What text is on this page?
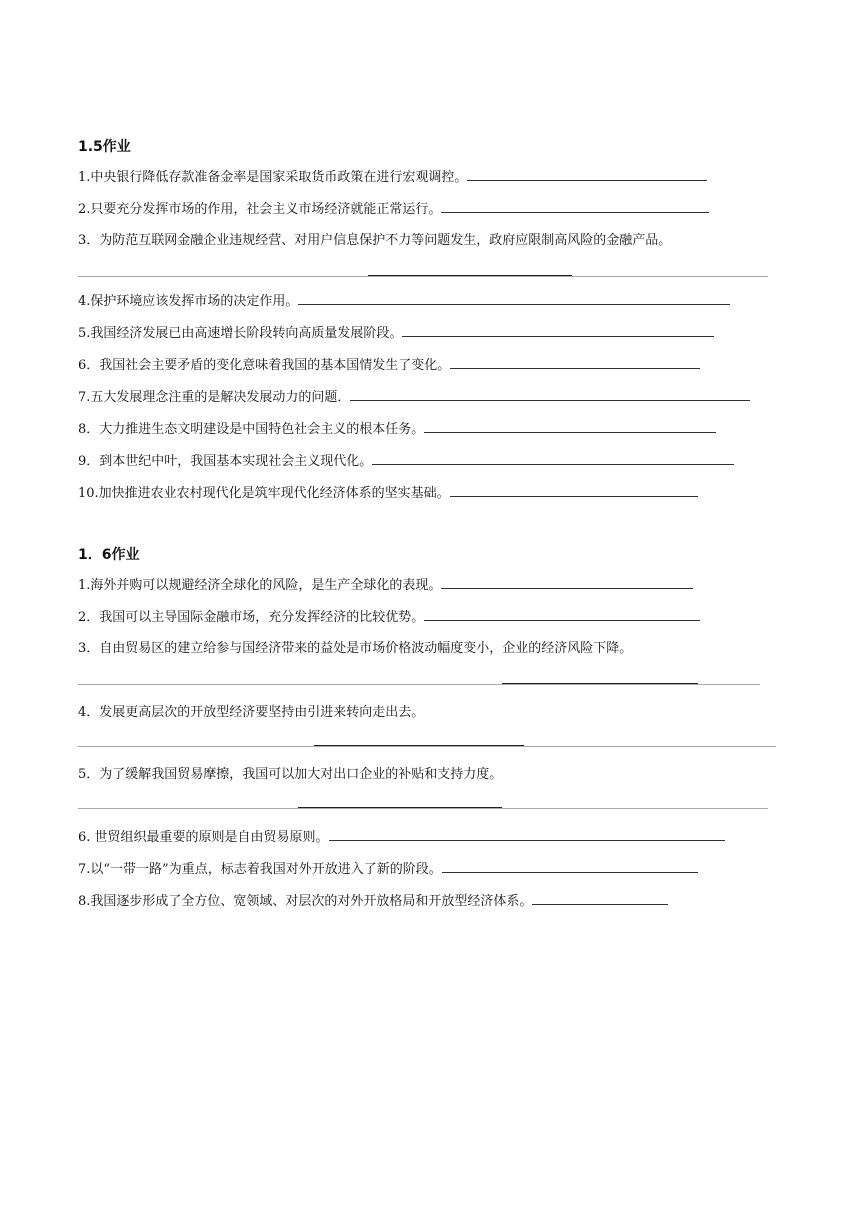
1.5作业
1.中央银行降低存款准备金率是国家采取货币政策在进行宏观调控。
2.只要充分发挥市场的作用，社会主义市场经济就能正常运行。
3．为防范互联网金融企业违规经营、对用户信息保护不力等问题发生，政府应限制高风险的金融产品。
4.保护环境应该发挥市场的决定作用。
5.我国经济发展已由高速增长阶段转向高质量发展阶段。
6．我国社会主要矛盾的变化意味着我国的基本国情发生了变化。
7.五大发展理念注重的是解决发展动力的问题．
8．大力推进生态文明建设是中国特色社会主义的根本任务。
9．到本世纪中叶，我国基本实现社会主义现代化。
10.加快推进农业农村现代化是筑牢现代化经济体系的坚实基础。
1．6作业
1.海外并购可以规避经济全球化的风险，是生产全球化的表现。
2．我国可以主导国际金融市场，充分发挥经济的比较优势。
3．自由贸易区的建立给参与国经济带来的益处是市场价格波动幅度变小，企业的经济风险下降。
4．发展更高层次的开放型经济要坚持由引进来转向走出去。
5．为了缓解我国贸易摩擦，我国可以加大对出口企业的补贴和支持力度。
6. 世贸组织最重要的原则是自由贸易原则。
7.以“一带一路”为重点，标志着我国对外开放进入了新的阶段。
8.我国逐步形成了全方位、宽领域、对层次的对外开放格局和开放型经济体系。
